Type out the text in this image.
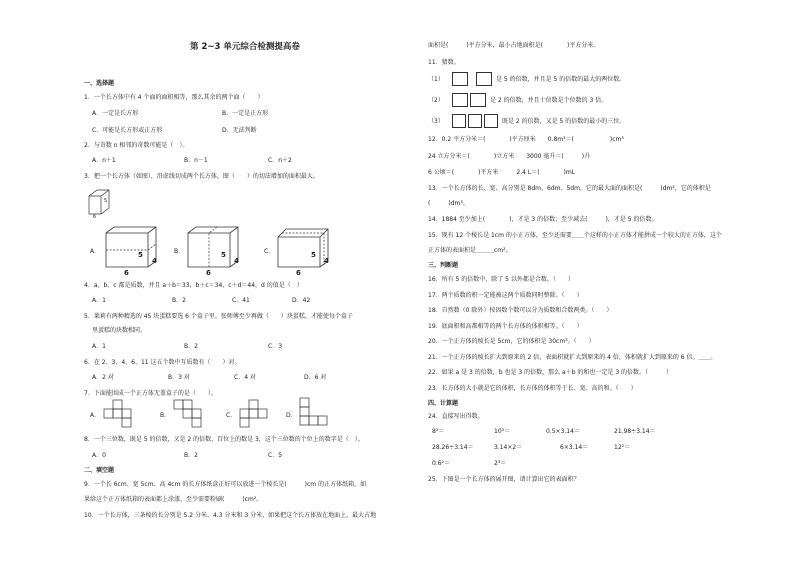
第 2~3 单元综合检测提高卷
一、选择题
1．一个长方体中有 4 个面的面积相等，那么其余的两个面（　　）
A．一定是长方形	B．一定是正方形
C．可能是长方形或正方形	D．无法判断
2．与奇数 n 相邻的奇数可能是（　）。
A．n＋1	B．n－1	C．n＋2
3．把一个长方体（如图），沿虚线切成两个长方体，图（　　）的切法增加的面积最大。
5
6
A．	5
4
6
B．	5
4
6
C．	5
4
6
4．a、b、c 都是质数，并且 a＋b＝33，b＋c＝34，c＋d＝44，d 的值是（　）
A．1	B．2	C．41	D．42
5．莱莉有两种精选的 45 块蛋糕要选 6 个盒子里。张师傅至少再做（　　）块蛋糕，才能使每个盒子
里蛋糕的块数相同。
A．1	B．2	C．3
6．在 2、3、4、6、11 这五个数中互质数有（　　）对。
A．2 对	B．3 对	C．4 对	D．6 对
7．下面能围成一个正方体无盖盒子的是（　　）。
A．	B．	C．	D．
8．一个三位数，既是 5 的倍数，又是 2 的倍数，百位上的数是 3，这个三位数的个位上的数字是（　）。
A．0	B．2	C．5
二、填空题
9．一个长 6cm、宽 5cm、高 4cm 的长方体纸盒正好可以放进一个棱长是(　　　)cm 的正方体纸箱，如
果给这个正方体纸箱的表面都上涂漆，至少需要粉刷(　　　)cm²。
10．一个长方体，三条棱的长分别是 5.2 分米、4.3 分米和 3 分米，如果把这个长方体放在地面上，最大占地
面积是(　　　)平方分米，最小占地面积是(　　　　)平方分米。
11．猜数。
（1）	是 5 的倍数，并且是 5 的倍数的最大的两位数。
（2）	是 2 的倍数，并且十位数是个位数的 3 倍。
（3）	既是 2 的倍数，又是 5 的倍数的最小的三位。
12．0.2 平方分米＝(　　　　)平方厘米　　0.8m³＝(　　　　　　)cm³
24 立方分米＝(　　　　)立方米　　3000 毫升＝(　　　)升
6 公顷＝(　　　　)平方米　　　2.4 L＝(　　　　)mL
13．一个长方体的长、宽、高分别是 8dm、6dm、5dm，它的最大面的面积是(　　　)dm²，它的体积是
(　　　)dm³。
14．1884 至少加上(　　　　)，才是 3 的倍数；至少减去(　　　)，才是 5 的倍数。
15．现有 12 个棱长是 1cm 的小正方体，至少还需要＿＿个这样的小正方体才能拼成一个较大的正方体，这个
正方体的表面积是＿＿＿cm²。
三、判断题
16．所有 5 的倍数中，除了 5 以外都是合数。（　　）
17．两个质数的积一定能被这两个质数同时整除。（　　）
18．自然数（0 除外）按因数个数可以分为质数和合数两类。（　　）
19．底面积和高都相等的两个长方体的体积相等。（　　）
20．一个正方体的棱长是 5cm，它的体积是 30cm³。（　　）
21．一个正方体的棱长扩大到原来的 2 倍，表面积就扩大到原来的 4 倍，体积就扩大到原来的 6 倍。＿＿。
22．如果 a 是 3 的倍数，b 也是 3 的倍数，那么 a＋b 的和也一定是 3 的倍数。（　　　）
23．长方体的大小就是它的体积，长方体的体积等于长、宽、高的和。（　　）
四、计算题
24．直接写出得数。
8²＝	10³＝	0.5×3.14＝	21.98÷3.14＝
28.26÷3.14＝	3.14×2＝	6×3.14＝	12²＝
0.6²＝	2³＝
25．下图是一个长方体的展开图，请计算出它的表面积？
